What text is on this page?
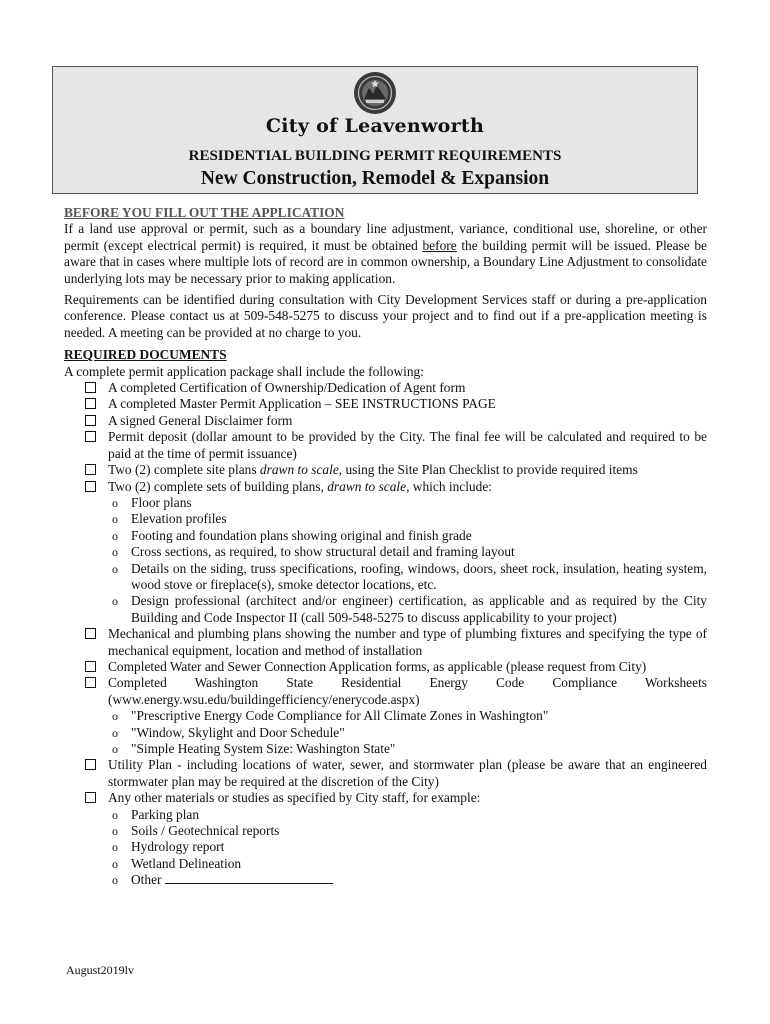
City of Leavenworth
RESIDENTIAL BUILDING PERMIT REQUIREMENTS
New Construction, Remodel & Expansion
BEFORE YOU FILL OUT THE APPLICATION

If a land use approval or permit, such as a boundary line adjustment, variance, conditional use, shoreline, or other permit (except electrical permit) is required, it must be obtained before the building permit will be issued. Please be aware that in cases where multiple lots of record are in common ownership, a Boundary Line Adjustment to consolidate underlying lots may be necessary prior to making application.

Requirements can be identified during consultation with City Development Services staff or during a pre-application conference. Please contact us at 509-548-5275 to discuss your project and to find out if a pre-application meeting is needed. A meeting can be provided at no charge to you.

REQUIRED DOCUMENTS
A complete permit application package shall include the following:
A completed Certification of Ownership/Dedication of Agent form
A completed Master Permit Application – SEE INSTRUCTIONS PAGE
A signed General Disclaimer form
Permit deposit (dollar amount to be provided by the City. The final fee will be calculated and required to be paid at the time of permit issuance)
Two (2) complete site plans drawn to scale, using the Site Plan Checklist to provide required items
Two (2) complete sets of building plans, drawn to scale, which include:
o Floor plans
o Elevation profiles
o Footing and foundation plans showing original and finish grade
o Cross sections, as required, to show structural detail and framing layout
o Details on the siding, truss specifications, roofing, windows, doors, sheet rock, insulation, heating system, wood stove or fireplace(s), smoke detector locations, etc.
o Design professional (architect and/or engineer) certification, as applicable and as required by the City Building and Code Inspector II (call 509-548-5275 to discuss applicability to your project)
Mechanical and plumbing plans showing the number and type of plumbing fixtures and specifying the type of mechanical equipment, location and method of installation
Completed Water and Sewer Connection Application forms, as applicable (please request from City)
Completed Washington State Residential Energy Code Compliance Worksheets
(www.energy.wsu.edu/buildingefficiency/enerycode.aspx)
o "Prescriptive Energy Code Compliance for All Climate Zones in Washington"
o "Window, Skylight and Door Schedule"
o "Simple Heating System Size: Washington State"
Utility Plan - including locations of water, sewer, and stormwater plan (please be aware that an engineered stormwater plan may be required at the discretion of the City)
Any other materials or studies as specified by City staff, for example:
o Parking plan
o Soils / Geotechnical reports
o Hydrology report
o Wetland Delineation
o Other
August2019lv
